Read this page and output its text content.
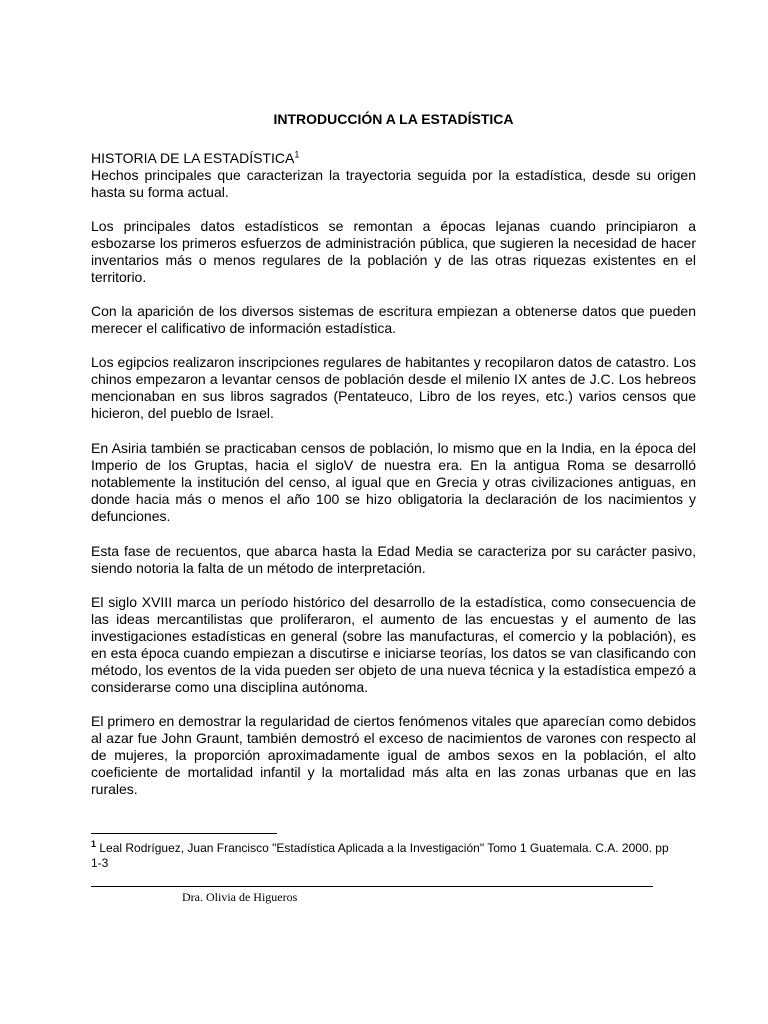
INTRODUCCIÓN A LA ESTADÍSTICA
HISTORIA DE LA ESTADÍSTICA$^1$

Hechos principales que caracterizan la trayectoria seguida por la estadística, desde su origen hasta su forma actual.

Los principales datos estadísticos se remontan a épocas lejanas cuando principiaron a esbozarse los primeros esfuerzos de administración pública, que sugieren la necesidad de hacer inventarios más o menos regulares de la población y de las otras riquezas existentes en el territorio.

Con la aparición de los diversos sistemas de escritura empiezan a obtenerse datos que pueden merecer el calificativo de información estadística.

Los egipcios realizaron inscripciones regulares de habitantes y recopilaron datos de catastro. Los chinos empezaron a levantar censos de población desde el milenio IX antes de J.C. Los hebreos mencionaban en sus libros sagrados (Pentateuco, Libro de los reyes, etc.) varios censos que hicieron, del pueblo de Israel.

En Asiria también se practicaban censos de población, lo mismo que en la India, en la época del Imperio de los Gruptas, hacia el sigloV de nuestra era. En la antigua Roma se desarrolló notablemente la institución del censo, al igual que en Grecia y otras civilizaciones antiguas, en donde hacia más o menos el año 100 se hizo obligatoria la declaración de los nacimientos y defunciones.

Esta fase de recuentos, que abarca hasta la Edad Media se caracteriza por su carácter pasivo, siendo notoria la falta de un método de interpretación.

El siglo XVIII marca un período histórico del desarrollo de la estadística, como consecuencia de las ideas mercantilistas que proliferaron, el aumento de las encuestas y el aumento de las investigaciones estadísticas en general (sobre las manufacturas, el comercio y la población), es en esta época cuando empiezan a discutirse e iniciarse teorías, los datos se van clasificando con método, los eventos de la vida pueden ser objeto de una nueva técnica y la estadística empezó a considerarse como una disciplina autónoma.

El primero en demostrar la regularidad de ciertos fenómenos vitales que aparecían como debidos al azar fue John Graunt, también demostró el exceso de nacimientos de varones con respecto al de mujeres, la proporción aproximadamente igual de ambos sexos en la población, el alto coeficiente de mortalidad infantil y la mortalidad más alta en las zonas urbanas que en las rurales.

$^1$ Leal Rodríguez, Juan Francisco "Estadística Aplicada a la Investigación" Tomo 1 Guatemala. C.A. 2000. pp 1-3
Dra. Olivia de Higueros
